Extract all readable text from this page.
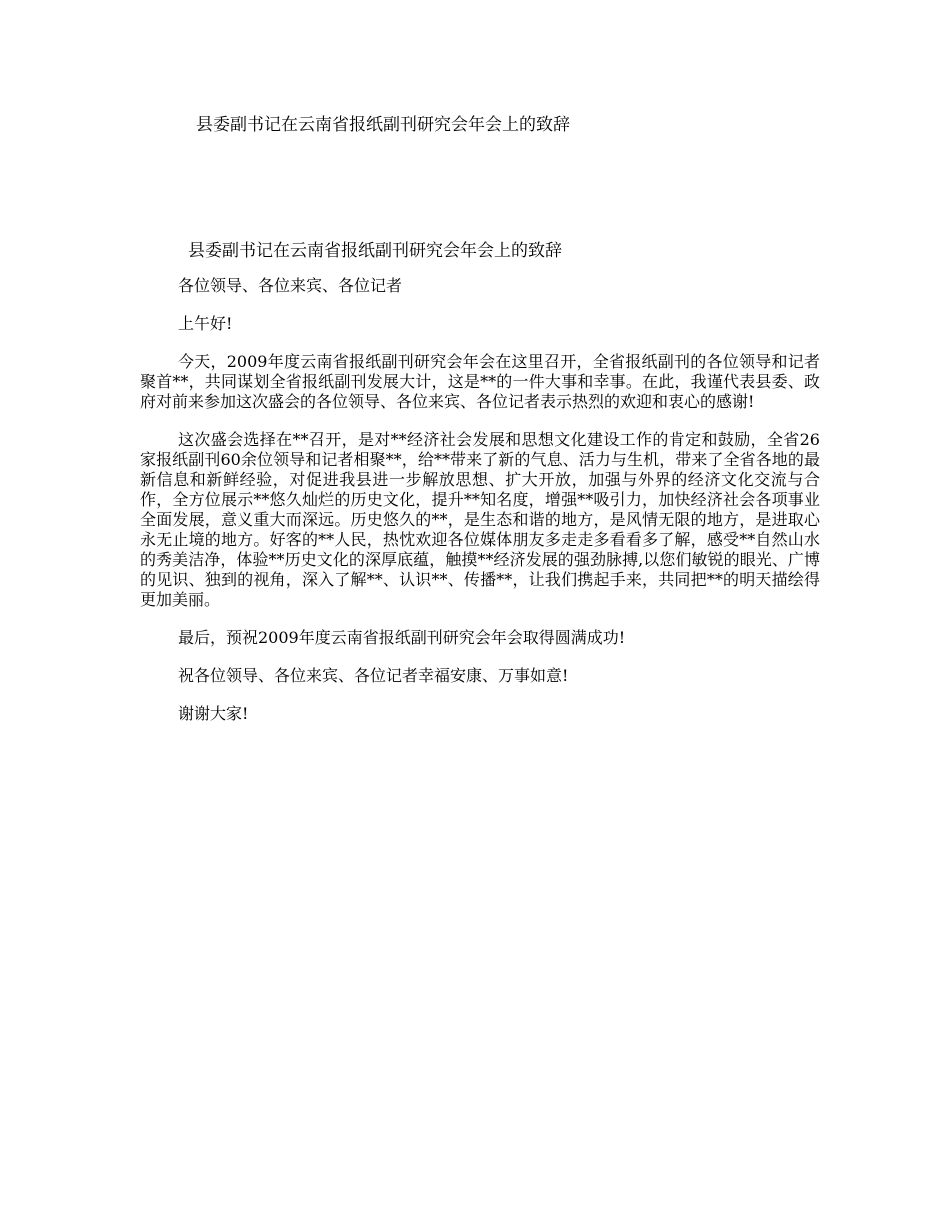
县委副书记在云南省报纸副刊研究会年会上的致辞
县委副书记在云南省报纸副刊研究会年会上的致辞

各位领导、各位来宾、各位记者

上午好!

今天，2009年度云南省报纸副刊研究会年会在这里召开，全省报纸副刊的各位领导和记者聚首**，共同谋划全省报纸副刊发展大计，这是**的一件大事和幸事。在此，我谨代表县委、政府对前来参加这次盛会的各位领导、各位来宾、各位记者表示热烈的欢迎和衷心的感谢!

这次盛会选择在**召开，是对**经济社会发展和思想文化建设工作的肯定和鼓励，全省26家报纸副刊60余位领导和记者相聚**，给**带来了新的气息、活力与生机，带来了全省各地的最新信息和新鲜经验，对促进我县进一步解放思想、扩大开放，加强与外界的经济文化交流与合作，全方位展示**悠久灿烂的历史文化，提升**知名度，增强**吸引力，加快经济社会各项事业全面发展，意义重大而深远。历史悠久的**，是生态和谐的地方，是风情无限的地方，是进取心永无止境的地方。好客的**人民，热忱欢迎各位媒体朋友多走走多看看多了解，感受**自然山水的秀美洁净，体验**历史文化的深厚底蕴，触摸**经济发展的强劲脉搏,以您们敏锐的眼光、广博的见识、独到的视角，深入了解**、认识**、传播**，让我们携起手来，共同把**的明天描绘得更加美丽。

最后，预祝2009年度云南省报纸副刊研究会年会取得圆满成功!

祝各位领导、各位来宾、各位记者幸福安康、万事如意!

谢谢大家!
